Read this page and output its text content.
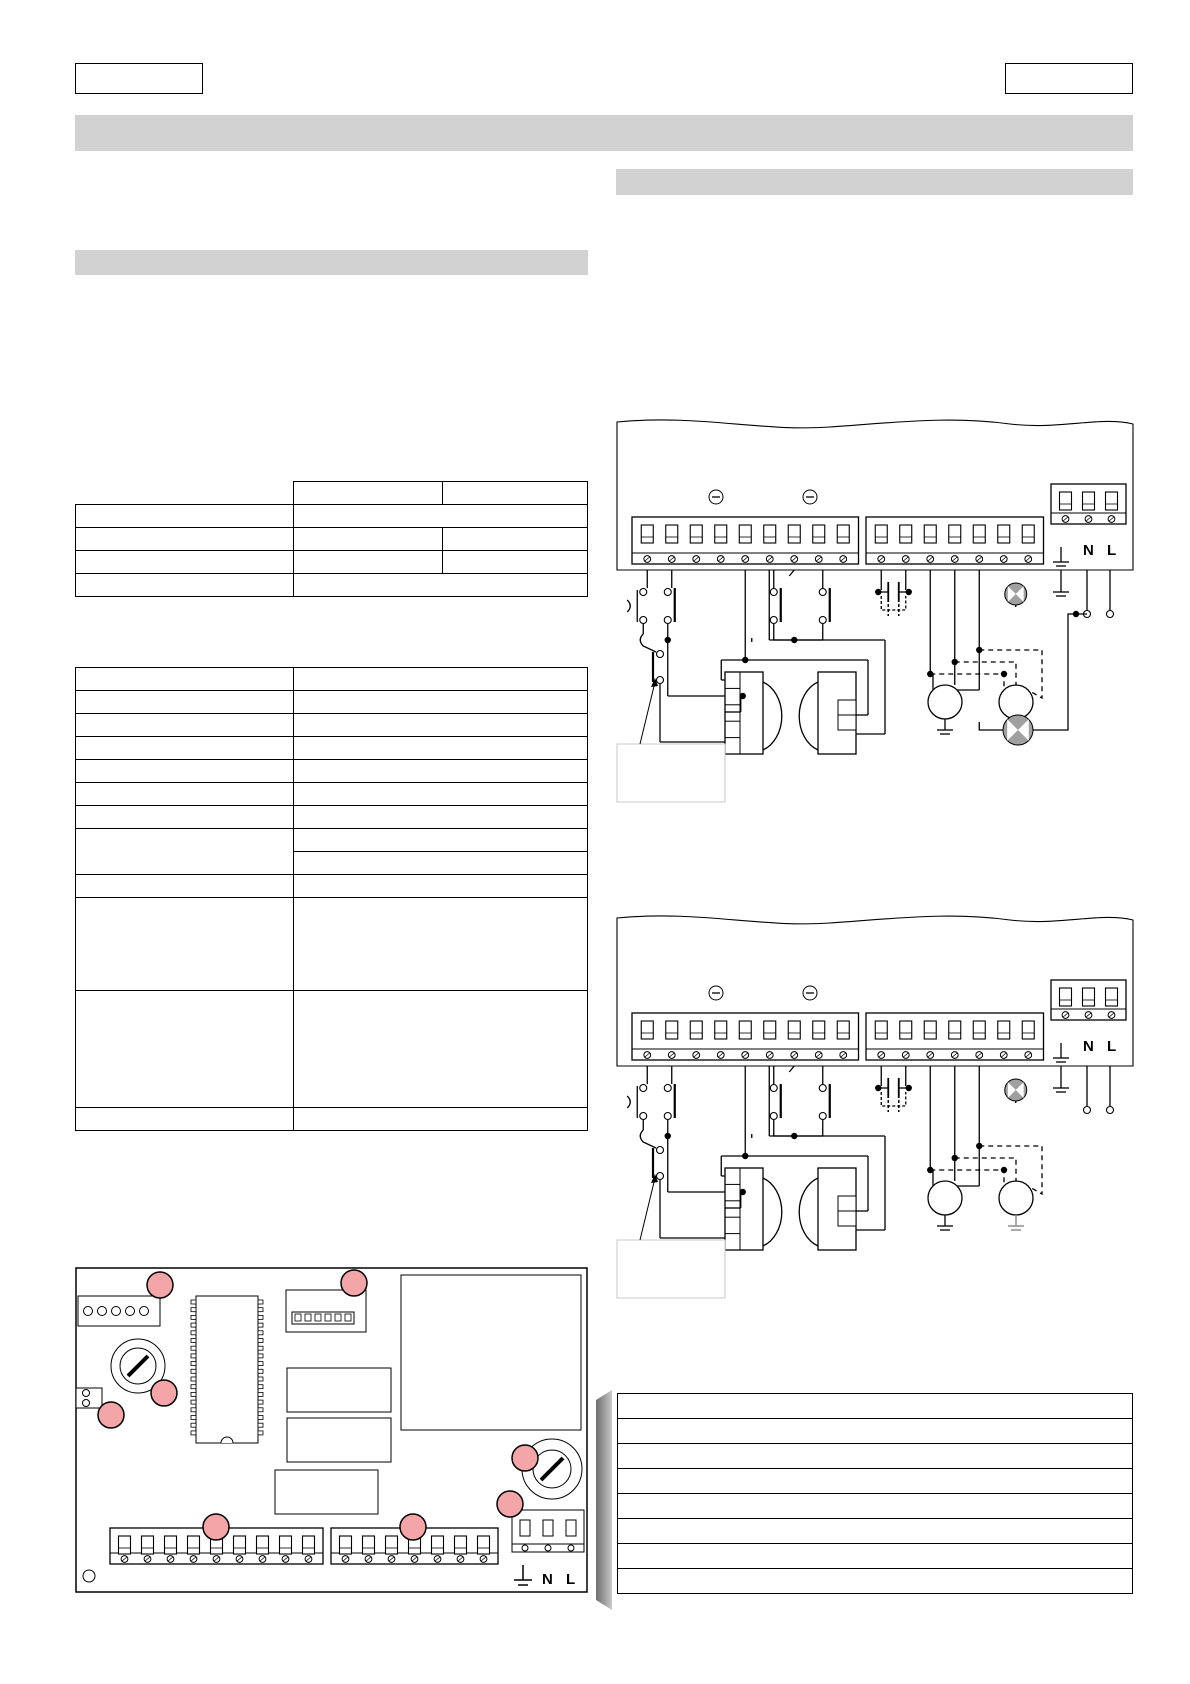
N L
N L
N L
